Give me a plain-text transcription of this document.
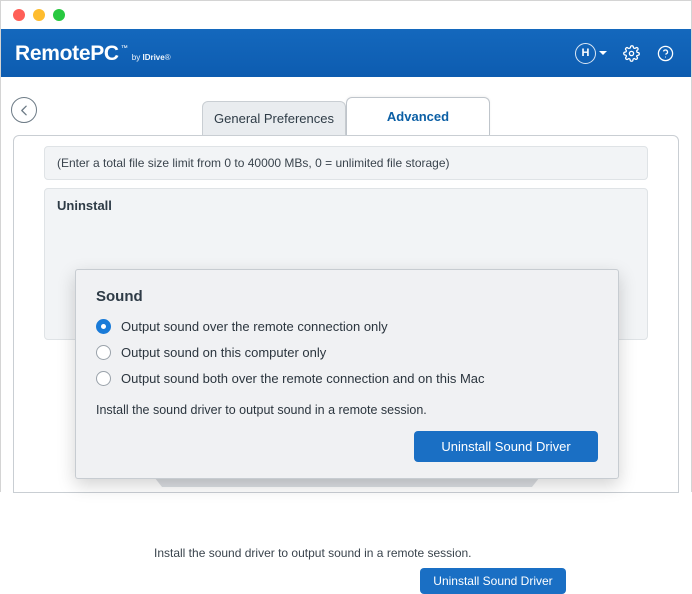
RemotePC ™
by IDrive®	H
General Preferences	Advanced
(Enter a total file size limit from 0 to 40000 MBs, 0 = unlimited file storage)
Uninstall
Install the sound driver to output sound in a remote session.
Uninstall Sound Driver
Sound
Output sound over the remote connection only
Output sound on this computer only
Output sound both over the remote connection and on this Mac
Install the sound driver to output sound in a remote session.
Uninstall Sound Driver
